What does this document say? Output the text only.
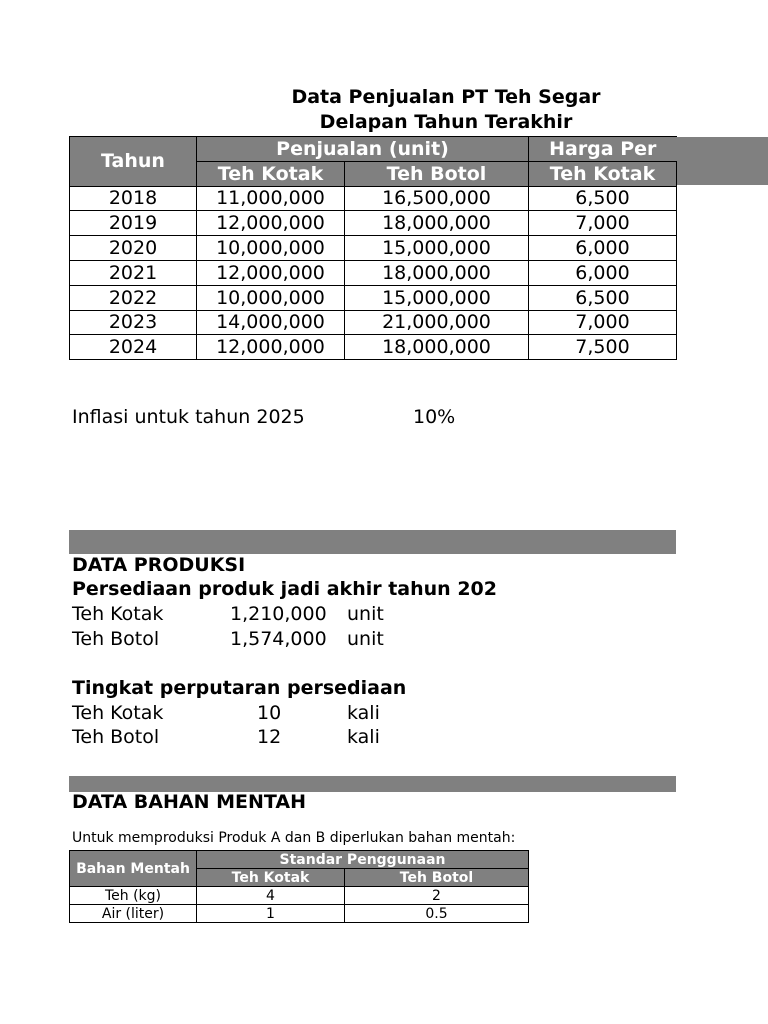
Data Penjualan PT Teh Segar
Delapan Tahun Terakhir
Tahun	Penjualan (unit)		Harga Per
	Teh Kotak	Teh Botol	Teh Kotak
2018	11,000,000	16,500,000	6,500
2019	12,000,000	18,000,000	7,000
2020	10,000,000	15,000,000	6,000
2021	12,000,000	18,000,000	6,000
2022	10,000,000	15,000,000	6,500
2023	14,000,000	21,000,000	7,000
2024	12,000,000	18,000,000	7,500
Inflasi untuk tahun 2025	10%
DATA PRODUKSI
Persediaan produk jadi akhir tahun 202
Teh Kotak	1,210,000 unit
Teh Botol	1,574,000 unit
Tingkat perputaran persediaan
Teh Kotak	10	kali
Teh Botol	12	kali
DATA BAHAN MENTAH
Untuk memproduksi Produk A dan B diperlukan bahan mentah:
Bahan Mentah	Standar Penggunaan	
	Teh Kotak	Teh Botol
Teh (kg)	4	2
Air (liter)	1	0.5
